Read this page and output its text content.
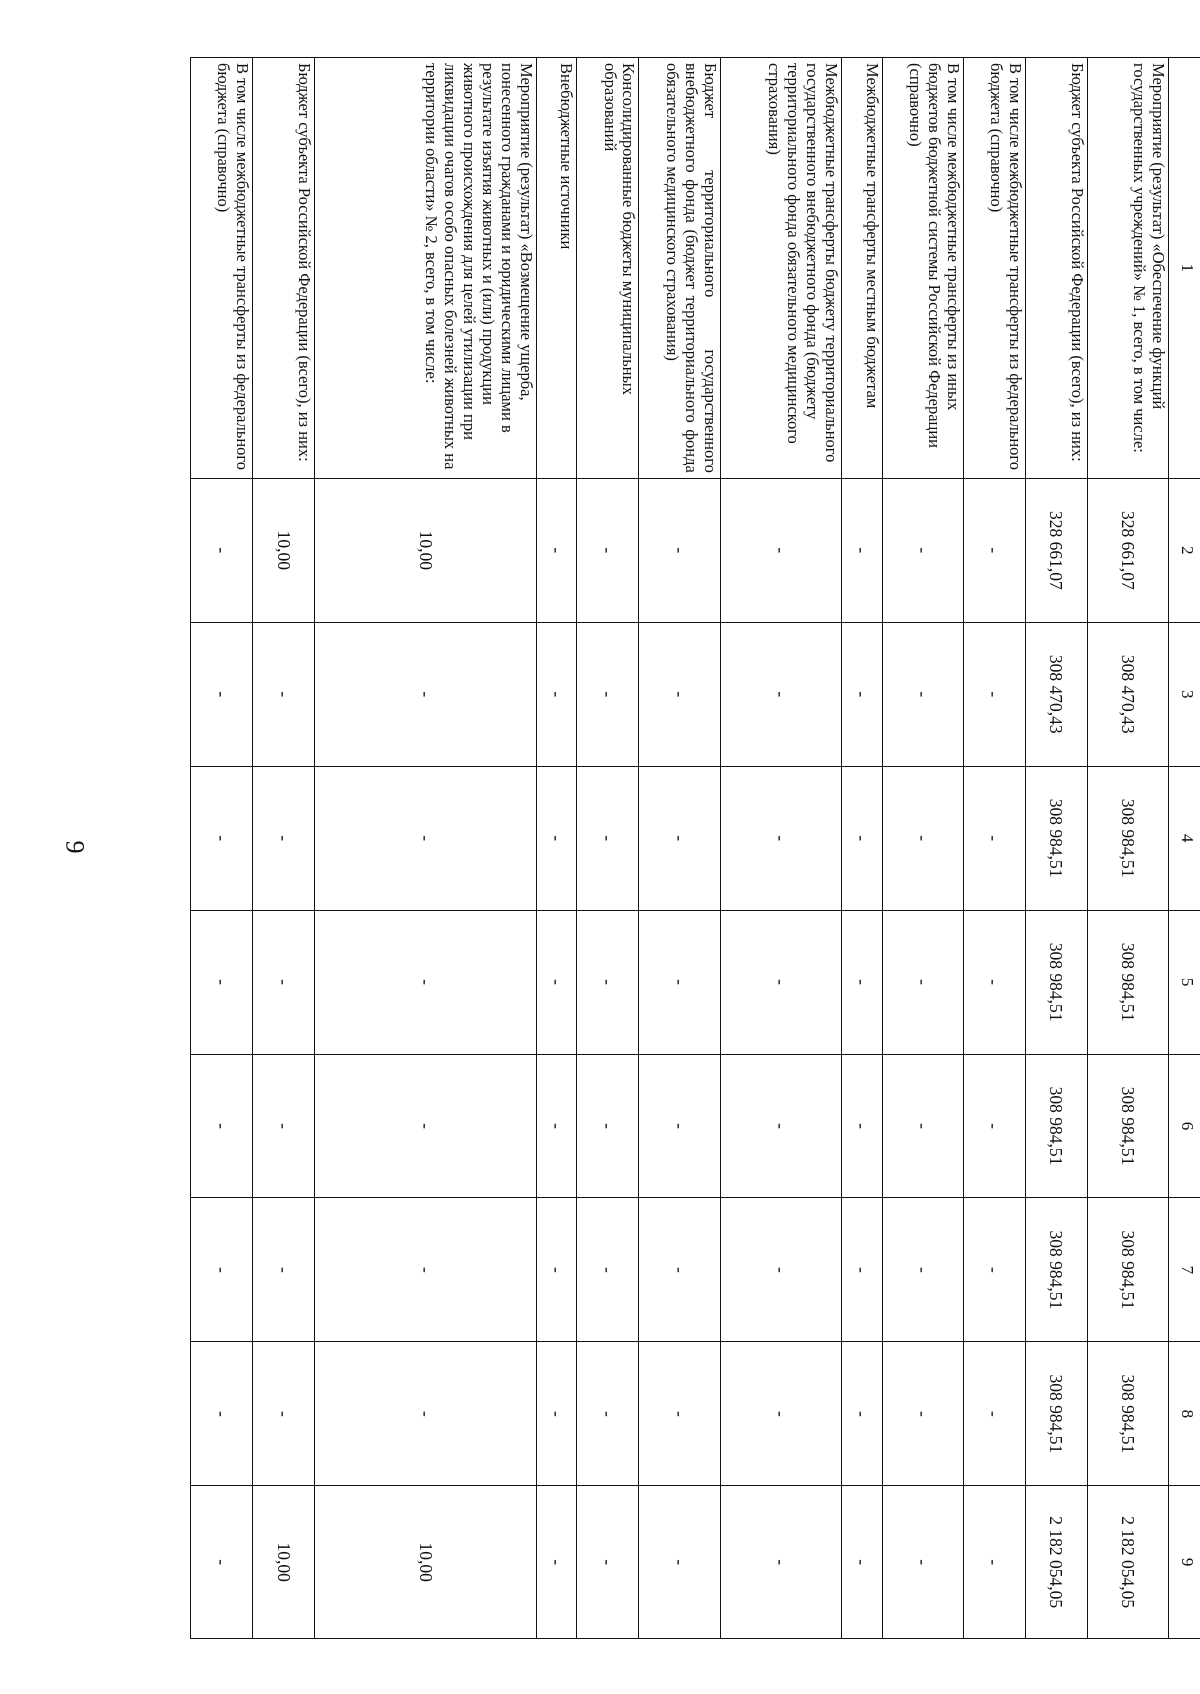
9
1	2	3	4	5	6	7	8	9
Мероприятие (результат) «Обеспечение функций государственных учреждений» № 1, всего, в том числе:	328 661,07	308 470,43	308 984,51	308 984,51	308 984,51	308 984,51	308 984,51	2 182 054,05
Бюджет субъекта Российской Федерации (всего), из них:	328 661,07	308 470,43	308 984,51	308 984,51	308 984,51	308 984,51	308 984,51	2 182 054,05
В том числе межбюджетные трансферты из федерального бюджета (справочно)	-	-	-	-	-	-	-	-
В том числе межбюджетные трансферты из иных бюджетов бюджетной системы Российской Федерации (справочно)	-	-	-	-	-	-	-	-
Межбюджетные трансферты местным бюджетам	-	-	-	-	-	-	-	-
Межбюджетные трансферты бюджету территориального государственного внебюджетного фонда (бюджету территориального фонда обязательного медицинского страхования)	-	-	-	-	-	-	-	-
Бюджет территориального государственного внебюджетного фонда (бюджет территориального фонда обязательного медицинского страхования)	-	-	-	-	-	-	-	-
Консолидированные бюджеты муниципальных образований	-	-	-	-	-	-	-	-
Внебюджетные источники	-	-	-	-	-	-	-	-
Мероприятие (результат) «Возмещение ущерба, понесенного гражданами и юридическими лицами в результате изъятия животных и (или) продукции животного происхождения для целей утилизации при ликвидации очагов особо опасных болезней животных на территории области» № 2, всего, в том числе:	10,00	-	-	-	-	-	-	10,00
Бюджет субъекта Российской Федерации (всего), из них:	10,00	-	-	-	-	-	-	10,00
В том числе межбюджетные трансферты из федерального бюджета (справочно)	-	-	-	-	-	-	-	-
